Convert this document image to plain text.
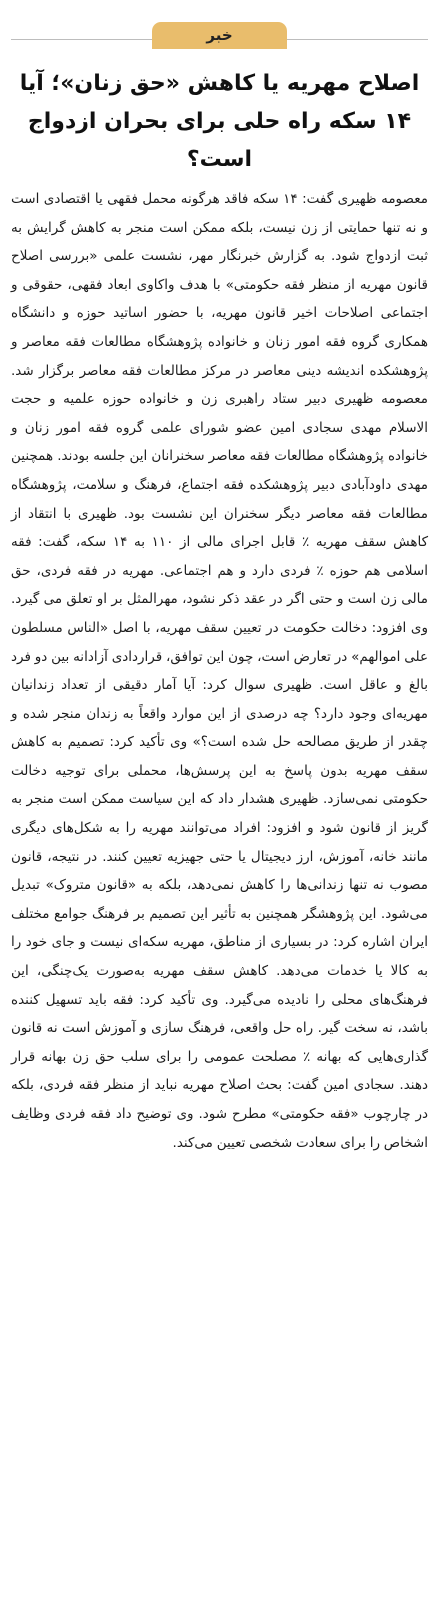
خبر
اصلاح مهریه یا کاهش «حق زنان»؛ آیا ۱۴ سکه راه حلی برای بحران ازدواج است؟

معصومه ظهیری گفت: ۱۴ سکه فاقد هرگونه محمل فقهی یا اقتصادی است و نه تنها حمایتی از زن نیست، بلکه ممکن است منجر به کاهش گرایش به ثبت ازدواج شود. به گزارش خبرنگار مهر، نشست علمی «بررسی اصلاح قانون مهریه از منظر فقه حکومتی» با هدف واکاوی ابعاد فقهی، حقوقی و اجتماعی اصلاحات اخیر قانون مهریه، با حضور اساتید حوزه و دانشگاه همکاری گروه فقه امور زنان و خانواده پژوهشگاه مطالعات فقه معاصر و پژوهشکده اندیشه دینی معاصر در مرکز مطالعات فقه معاصر برگزار شد. معصومه ظهیری دبیر ستاد راهبری زن و خانواده حوزه علمیه و حجت الاسلام مهدی سجادی امین عضو شورای علمی گروه فقه امور زنان و خانواده پژوهشگاه مطالعات فقه معاصر سخنرانان این جلسه بودند. همچنین مهدی داودآبادی دبیر پژوهشکده فقه اجتماع، فرهنگ و سلامت، پژوهشگاه مطالعات فقه معاصر دیگر سخنران این نشست بود. ظهیری با انتقاد از کاهش سقف مهریه ٪ قابل اجرای مالی از ۱۱۰ به ۱۴ سکه، گفت: فقه اسلامی هم حوزه ٪ فردی دارد و هم اجتماعی. مهریه در فقه فردی، حق مالی زن است و حتی اگر در عقد ذکر نشود، مهرالمثل بر او تعلق می گیرد. وی افزود: دخالت حکومت در تعیین سقف مهریه، با اصل «الناس مسلطون علی اموالهم» در تعارض است، چون این توافق، قراردادی آزادانه بین دو فرد بالغ و عاقل است. ظهیری سوال کرد: آیا آمار دقیقی از تعداد زندانیان مهریه‌ای وجود دارد؟ چه درصدی از این موارد واقعاً به زندان منجر شده و چقدر از طریق مصالحه حل شده است؟» وی تأکید کرد: تصمیم به کاهش سقف مهریه بدون پاسخ به این پرسش‌ها، محملی برای توجیه دخالت حکومتی نمی‌سازد. ظهیری هشدار داد که این سیاست ممکن است منجر به گریز از قانون شود و افزود: افراد می‌توانند مهریه را به شکل‌های دیگری مانند خانه، آموزش، ارز دیجیتال یا حتی جهیزیه تعیین کنند. در نتیجه، قانون مصوب نه تنها زندانی‌ها را کاهش نمی‌دهد، بلکه به «قانون متروک» تبدیل می‌شود. این پژوهشگر همچنین به تأثیر این تصمیم بر فرهنگ جوامع مختلف ایران اشاره کرد: در بسیاری از مناطق، مهریه سکه‌ای نیست و جای خود را به کالا یا خدمات می‌دهد. کاهش سقف مهریه به‌صورت یک‌چنگی، این فرهنگ‌های محلی را نادیده می‌گیرد. وی تأکید کرد: فقه باید تسهیل کننده باشد، نه سخت گیر. راه حل واقعی، فرهنگ سازی و آموزش است نه قانون گذاری‌هایی که بهانه ٪ مصلحت عمومی را برای سلب حق زن بهانه قرار دهند. سجادی امین گفت: بحث اصلاح مهریه نباید از منظر فقه فردی، بلکه در چارچوب «فقه حکومتی» مطرح شود. وی توضیح داد فقه فردی وظایف اشخاص را برای سعادت شخصی تعیین می‌کند.
